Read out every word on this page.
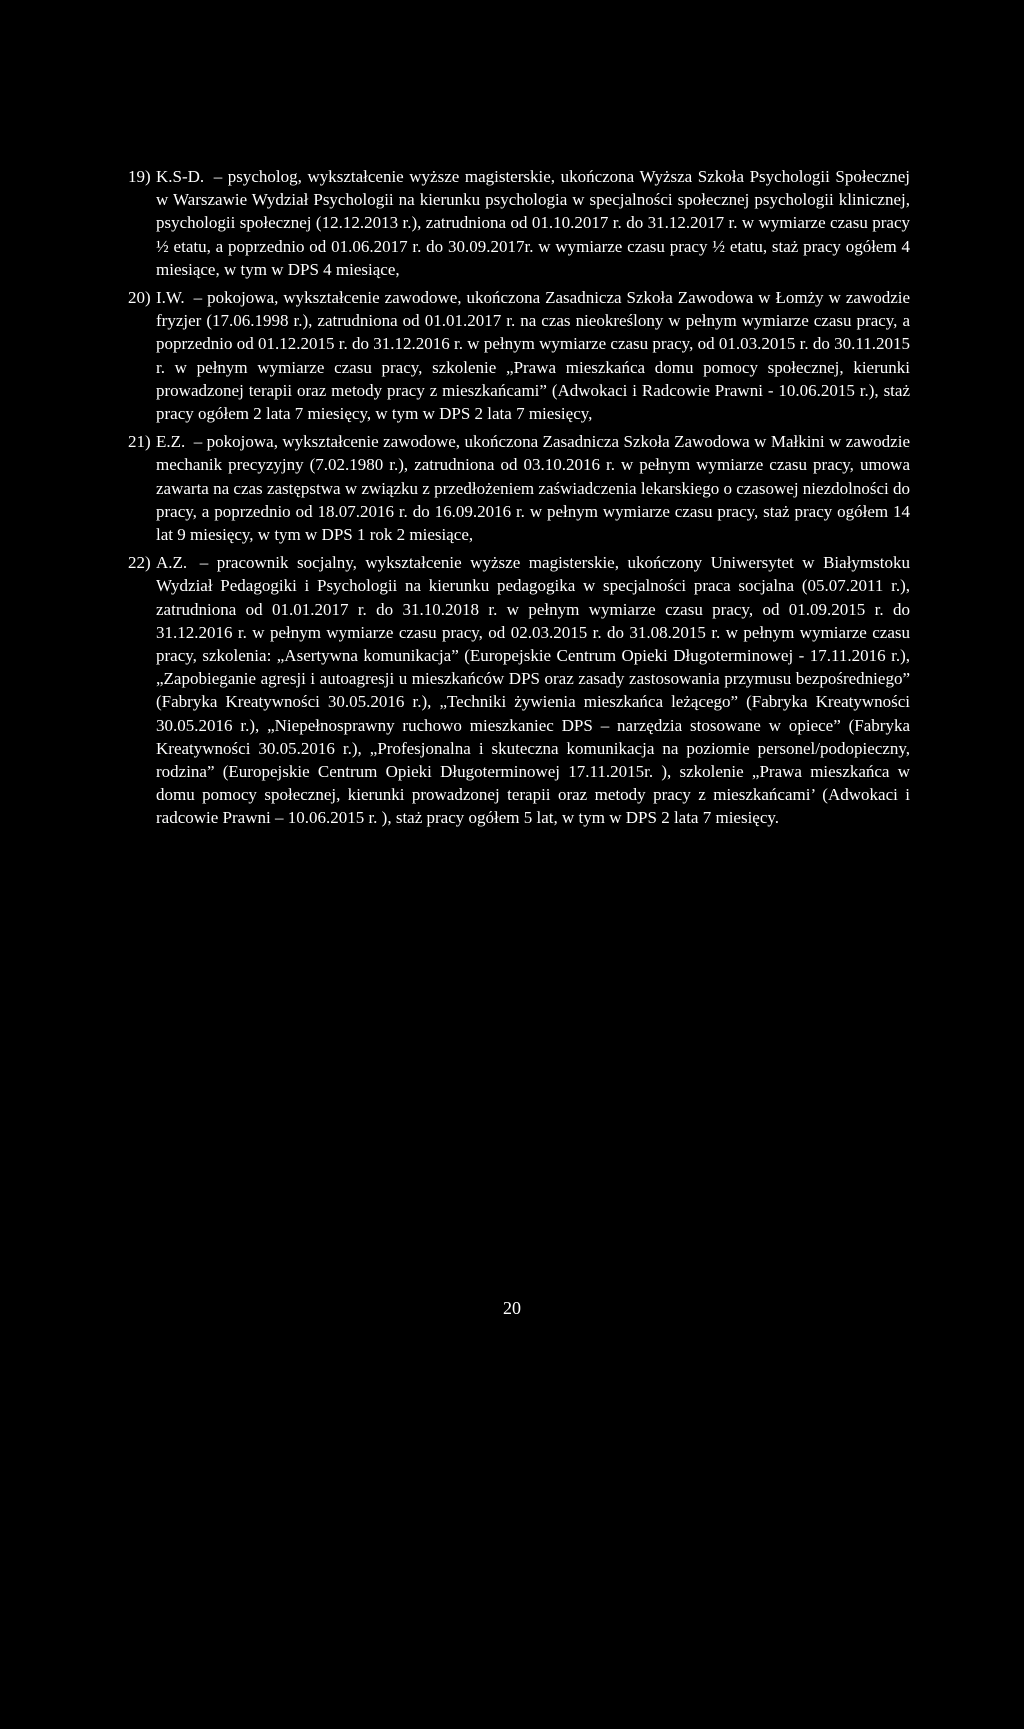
19) K.S-D. – psycholog, wykształcenie wyższe magisterskie, ukończona Wyższa Szkoła Psychologii Społecznej w Warszawie Wydział Psychologii na kierunku psychologia w specjalności społecznej psychologii klinicznej, psychologii społecznej (12.12.2013 r.), zatrudniona od 01.10.2017 r. do 31.12.2017 r. w wymiarze czasu pracy ½ etatu, a poprzednio od 01.06.2017 r. do 30.09.2017r. w wymiarze czasu pracy ½ etatu, staż pracy ogółem 4 miesiące, w tym w DPS 4 miesiące,
20) I.W. – pokojowa, wykształcenie zawodowe, ukończona Zasadnicza Szkoła Zawodowa w Łomży w zawodzie fryzjer (17.06.1998 r.), zatrudniona od 01.01.2017 r. na czas nieokreślony w pełnym wymiarze czasu pracy, a poprzednio od 01.12.2015 r. do 31.12.2016 r. w pełnym wymiarze czasu pracy, od 01.03.2015 r. do 30.11.2015 r. w pełnym wymiarze czasu pracy, szkolenie „Prawa mieszkańca domu pomocy społecznej, kierunki prowadzonej terapii oraz metody pracy z mieszkańcami” (Adwokaci i Radcowie Prawni - 10.06.2015 r.), staż pracy ogółem 2 lata 7 miesięcy, w tym w DPS 2 lata 7 miesięcy,
21) E.Z. – pokojowa, wykształcenie zawodowe, ukończona Zasadnicza Szkoła Zawodowa w Małkini w zawodzie mechanik precyzyjny (7.02.1980 r.), zatrudniona od 03.10.2016 r. w pełnym wymiarze czasu pracy, umowa zawarta na czas zastępstwa w związku z przedłożeniem zaświadczenia lekarskiego o czasowej niezdolności do pracy, a poprzednio od 18.07.2016 r. do 16.09.2016 r. w pełnym wymiarze czasu pracy, staż pracy ogółem 14 lat 9 miesięcy, w tym w DPS 1 rok 2 miesiące,
22) A.Z. – pracownik socjalny, wykształcenie wyższe magisterskie, ukończony Uniwersytet w Białymstoku Wydział Pedagogiki i Psychologii na kierunku pedagogika w specjalności praca socjalna (05.07.2011 r.), zatrudniona od 01.01.2017 r. do 31.10.2018 r. w pełnym wymiarze czasu pracy, od 01.09.2015 r. do 31.12.2016 r. w pełnym wymiarze czasu pracy, od 02.03.2015 r. do 31.08.2015 r. w pełnym wymiarze czasu pracy, szkolenia: „Asertywna komunikacja” (Europejskie Centrum Opieki Długoterminowej - 17.11.2016 r.), „Zapobieganie agresji i autoagresji u mieszkańców DPS oraz zasady zastosowania przymusu bezpośredniego” (Fabryka Kreatywności 30.05.2016 r.), „Techniki żywienia mieszkańca leżącego” (Fabryka Kreatywności 30.05.2016 r.), „Niepełnosprawny ruchowo mieszkaniec DPS – narzędzia stosowane w opiece” (Fabryka Kreatywności 30.05.2016 r.), „Profesjonalna i skuteczna komunikacja na poziomie personel/podopieczny, rodzina” (Europejskie Centrum Opieki Długoterminowej 17.11.2015r. ), szkolenie „Prawa mieszkańca w domu pomocy społecznej, kierunki prowadzonej terapii oraz metody pracy z mieszkańcami’ (Adwokaci i radcowie Prawni – 10.06.2015 r. ), staż pracy ogółem 5 lat, w tym w DPS 2 lata 7 miesięcy.
20
